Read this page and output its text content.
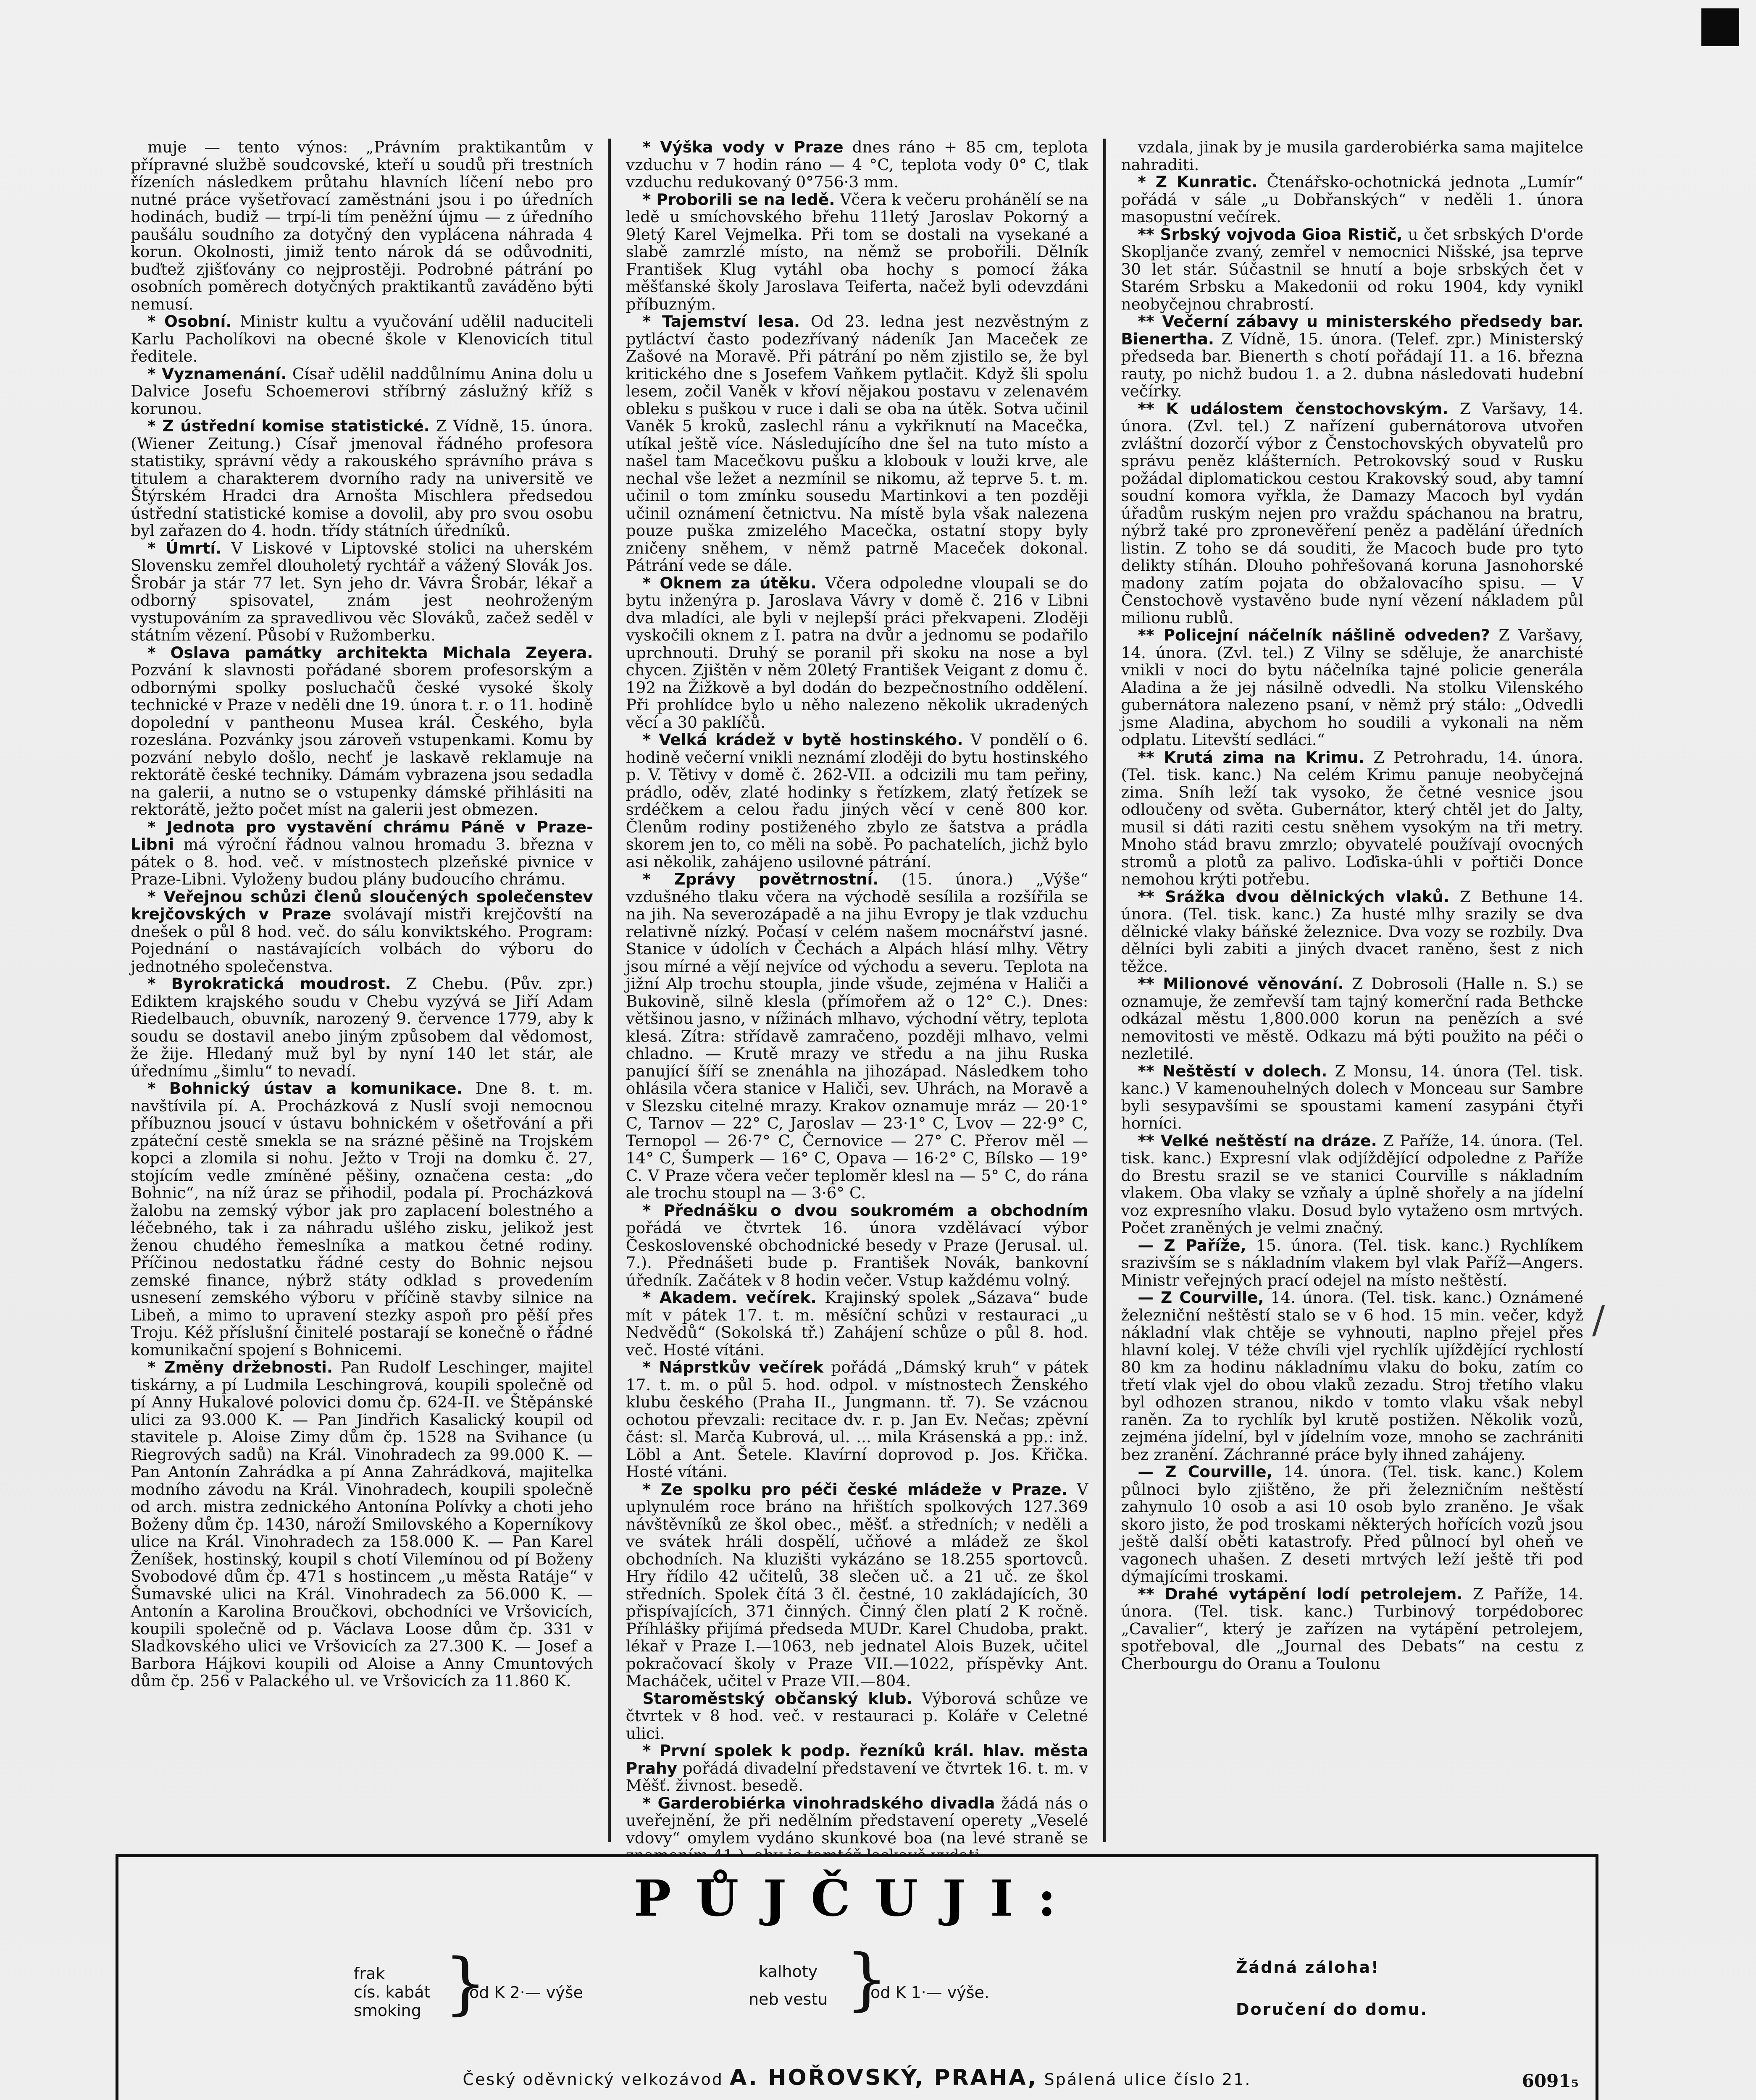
muje — tento výnos: „Právním praktikantům v přípravné službě soudcovské, kteří u soudů při trestních řízeních následkem průtahu hlavních líčení nebo pro nutné práce vyšetřovací zaměstnáni jsou i po úředních hodinách, budiž — trpí-li tím peněžní újmu — z úředního paušálu soudního za dotyčný den vyplácena náhrada 4 korun. Okolnosti, jimiž tento nárok dá se odůvodniti, buďtež zjišťovány co nejprostěji. Podrobné pátrání po osobních poměrech dotyčných praktikantů zaváděno býti nemusí.

* Osobní. Ministr kultu a vyučování udělil naduciteli Karlu Pacholíkovi na obecné škole v Klenovicích titul ředitele.

* Vyznamenání. Císař udělil naddůlnímu Anina dolu u Dalvice Josefu Schoemerovi stříbrný záslužný kříž s korunou.

* Z ústřední komise statistické. Z Vídně, 15. února. (Wiener Zeitung.) Císař jmenoval řádného profesora statistiky, správní vědy a rakouského správního práva s titulem a charakterem dvorního rady na universitě ve Štýrském Hradci dra Arnošta Mischlera předsedou ústřední statistické komise a dovolil, aby pro svou osobu byl zařazen do 4. hodn. třídy státních úředníků.

* Úmrtí. V Liskové v Liptovské stolici na uherském Slovensku zemřel dlouholetý rychtář a vážený Slovák Jos. Šrobár ja stár 77 let. Syn jeho dr. Vávra Šrobár, lékař a odborný spisovatel, znám jest neohroženým vystupováním za spravedlivou věc Slováků, začež seděl v státním vězení. Působí v Ružomberku.

* Oslava památky architekta Michala Zeyera. Pozvání k slavnosti pořádané sborem profesorským a odbornými spolky posluchačů české vysoké školy technické v Praze v neděli dne 19. února t. r. o 11. hodině dopolední v pantheonu Musea král. Českého, byla rozeslána. Pozvánky jsou zároveň vstupenkami. Komu by pozvání nebylo došlo, nechť je laskavě reklamuje na rektorátě české techniky. Dámám vybrazena jsou sedadla na galerii, a nutno se o vstupenky dámské přihlásiti na rektorátě, ježto počet míst na galerii jest obmezen.

* Jednota pro vystavění chrámu Páně v Praze-Libni má výroční řádnou valnou hromadu 3. března v pátek o 8. hod. več. v místnostech plzeňské pivnice v Praze-Libni. Vyloženy budou plány budoucího chrámu.

* Veřejnou schůzi členů sloučených společenstev krejčovských v Praze svolávají mistři krejčovští na dnešek o půl 8 hod. več. do sálu konviktského. Program: Pojednání o nastávajících volbách do výboru do jednotného společenstva.

* Byrokratická moudrost. Z Chebu. (Pův. zpr.) Ediktem krajského soudu v Chebu vyzývá se Jiří Adam Riedelbauch, obuvník, narozený 9. července 1779, aby k soudu se dostavil anebo jiným způsobem dal vědomost, že žije. Hledaný muž byl by nyní 140 let stár, ale úřednímu „šimlu“ to nevadí.

* Bohnický ústav a komunikace. Dne 8. t. m. navštívila pí. A. Procházková z Nuslí svoji nemocnou příbuznou jsoucí v ústavu bohnickém v ošetřování a při zpáteční cestě smekla se na srázné pěšině na Trojském kopci a zlomila si nohu. Ježto v Troji na domku č. 27, stojícím vedle zmíněné pěšiny, označena cesta: „do Bohnic“, na níž úraz se přihodil, podala pí. Procházková žalobu na zemský výbor jak pro zaplacení bolestného a léčebného, tak i za náhradu ušlého zisku, jelikož jest ženou chudého řemeslníka a matkou četné rodiny. Příčinou nedostatku řádné cesty do Bohnic nejsou zemské finance, nýbrž státy odklad s provedením usnesení zemského výboru v příčině stavby silnice na Libeň, a mimo to upravení stezky aspoň pro pěší přes Troju. Kéž příslušní činitelé postarají se konečně o řádné komunikační spojení s Bohnicemi.

* Změny držebnosti. Pan Rudolf Leschinger, majitel tiskárny, a pí Ludmila Leschingrová, koupili společně od pí Anny Hukalové polovici domu čp. 624-II. ve Štěpánské ulici za 93.000 K. — Pan Jindřich Kasalický koupil od stavitele p. Aloise Zimy dům čp. 1528 na Svihance (u Riegrových sadů) na Král. Vinohradech za 99.000 K. — Pan Antonín Zahrádka a pí Anna Zahrádková, majitelka modního závodu na Král. Vinohradech, koupili společně od arch. mistra zednického Antonína Polívky a choti jeho Boženy dům čp. 1430, nároží Smilovského a Koperníkovy ulice na Král. Vinohradech za 158.000 K. — Pan Karel Ženíšek, hostinský, koupil s chotí Vilemínou od pí Boženy Svobodové dům čp. 471 s hostincem „u města Ratáje“ v Šumavské ulici na Král. Vinohradech za 56.000 K. — Antonín a Karolina Broučkovi, obchodníci ve Vršovicích, koupili společně od p. Václava Loose dům čp. 331 v Sladkovského ulici ve Vršovicích za 27.300 K. — Josef a Barbora Hájkovi koupili od Aloise a Anny Cmuntových dům čp. 256 v Palackého ul. ve Vršovicích za 11.860 K.

* Výška vody v Praze dnes ráno + 85 cm, teplota vzduchu v 7 hodin ráno — 4 °C, teplota vody 0° C, tlak vzduchu redukovaný 0°756·3 mm.

* Proborili se na ledě. Včera k večeru prohánělí se na ledě u smíchovského břehu 11letý Jaroslav Pokorný a 9letý Karel Vejmelka. Při tom se dostali na vysekané a slabě zamrzlé místo, na němž se probořili. Dělník František Klug vytáhl oba hochy s pomocí žáka měšťanské školy Jaroslava Teiferta, načež byli odevzdáni příbuzným.

* Tajemství lesa. Od 23. ledna jest nezvěstným z pytláctví často podezřívaný nádeník Jan Maceček ze Zašové na Moravě. Při pátrání po něm zjistilo se, že byl kritického dne s Josefem Vaňkem pytlačit. Když šli spolu lesem, zočil Vaněk v křoví nějakou postavu v zelenavém obleku s puškou v ruce i dali se oba na útěk. Sotva učinil Vaněk 5 kroků, zaslechl ránu a vykřiknutí na Macečka, utíkal ještě více. Následujícího dne šel na tuto místo a našel tam Macečkovu pušku a klobouk v louži krve, ale nechal vše ležet a nezmínil se nikomu, až teprve 5. t. m. učinil o tom zmínku sousedu Martinkovi a ten později učinil oznámení četnictvu. Na místě byla však nalezena pouze puška zmizelého Macečka, ostatní stopy byly zničeny sněhem, v němž patrně Maceček dokonal. Pátrání vede se dále.

* Oknem za útěku. Včera odpoledne vloupali se do bytu inženýra p. Jaroslava Vávry v domě č. 216 v Libni dva mladíci, ale byli v nejlepší práci překvapeni. Zloději vyskočili oknem z I. patra na dvůr a jednomu se podařilo uprchnouti. Druhý se poranil při skoku na nose a byl chycen. Zjištěn v něm 20letý František Veigant z domu č. 192 na Žižkově a byl dodán do bezpečnostního oddělení. Při prohlídce bylo u něho nalezeno několik ukradených věcí a 30 paklíčů.

* Velká krádež v bytě hostinského. V pondělí o 6. hodině večerní vnikli neznámí zloději do bytu hostinského p. V. Tětivy v domě č. 262-VII. a odcizili mu tam peřiny, prádlo, oděv, zlaté hodinky s řetízkem, zlatý řetízek se srdéčkem a celou řadu jiných věcí v ceně 800 kor. Členům rodiny postiženého zbylo ze šatstva a prádla skorem jen to, co měli na sobě. Po pachatelích, jichž bylo asi několik, zahájeno usilovné pátrání.

* Zprávy povětrnostní. (15. února.) „Výše“ vzdušného tlaku včera na východě sesílila a rozšířila se na jih. Na severozápadě a na jihu Evropy je tlak vzduchu relativně nízký. Počasí v celém našem mocnářství jasné. Stanice v údolích v Čechách a Alpách hlásí mlhy. Větry jsou mírné a vějí nejvíce od východu a severu. Teplota na jižní Alp trochu stoupla, jinde všude, zejména v Haliči a Bukovině, silně klesla (přímořem až o 12° C.). Dnes: většinou jasno, v nížinách mlhavo, východní větry, teplota klesá. Zítra: střídavě zamračeno, později mlhavo, velmi chladno. — Krutě mrazy ve středu a na jihu Ruska panující šíří se znenáhla na jihozápad. Následkem toho ohlásila včera stanice v Haliči, sev. Uhrách, na Moravě a v Slezsku citelné mrazy. Krakov oznamuje mráz — 20·1° C, Tarnov — 22° C, Jaroslav — 23·1° C, Lvov — 22·9° C, Ternopol — 26·7° C, Černovice — 27° C. Přerov měl — 14° C, Šumperk — 16° C, Opava — 16·2° C, Bílsko — 19° C. V Praze včera večer teploměr klesl na — 5° C, do rána ale trochu stoupl na — 3·6° C.

* Přednášku o dvou soukromém a obchodním pořádá ve čtvrtek 16. února vzdělávací výbor Československé obchodnické besedy v Praze (Jerusal. ul. 7.). Přednášeti bude p. František Novák, bankovní úředník. Začátek v 8 hodin večer. Vstup každému volný.

* Akadem. večírek. Krajinský spolek „Sázava“ bude mít v pátek 17. t. m. měsíční schůzi v restauraci „u Nedvědů“ (Sokolská tř.) Zahájení schůze o půl 8. hod. več. Hosté vítáni.

* Náprstkův večírek pořádá „Dámský kruh“ v pátek 17. t. m. o půl 5. hod. odpol. v místnostech Ženského klubu českého (Praha II., Jungmann. tř. 7). Se vzácnou ochotou převzali: recitace dv. r. p. Jan Ev. Nečas; zpěvní část: sl. Marča Kubrová, ul. ... mila Krásenská a pp.: inž. Löbl a Ant. Šetele. Klavírní doprovod p. Jos. Křička. Hosté vítáni.

* Ze spolku pro péči české mládeže v Praze. V uplynulém roce bráno na hřištích spolkových 127.369 návštěvníků ze škol obec., měšť. a středních; v neděli a ve svátek hráli dospělí, učňové a mládež ze škol obchodních. Na kluzišti vykázáno se 18.255 sportovců. Hry řídilo 42 učitelů, 38 slečen uč. a 21 uč. ze škol středních. Spolek čítá 3 čl. čestné, 10 zakládajících, 30 přispívajících, 371 činných. Činný člen platí 2 K ročně. Příhlášky přijímá předseda MUDr. Karel Chudoba, prakt. lékař v Praze I.—1063, neb jednatel Alois Buzek, učitel pokračovací školy v Praze VII.—1022, příspěvky Ant. Macháček, učitel v Praze VII.—804.

Staroměstský občanský klub. Výborová schůze ve čtvrtek v 8 hod. več. v restauraci p. Koláře v Celetné ulici.

* První spolek k podp. řezníků král. hlav. města Prahy pořádá divadelní představení ve čtvrtek 16. t. m. v Měšť. živnost. besedě.

* Garderobiérka vinohradského divadla žádá nás o uveřejnění, že při nedělním představení operety „Veselé vdovy“ omylem vydáno skunkové boa (na levé straně se

vzdala, jinak by je musila garderobiérka sama majitelce nahraditi.

* Z Kunratic. Čtenářsko-ochotnická jednota „Lumír“ pořádá v sále „u Dobřanských“ v neděli 1. února masopustní večírek.

** Srbský vojvoda Gioa Ristič, u čet srbských D'orde Skopljanče zvaný, zemřel v nemocnici Nišské, jsa teprve 30 let stár. Súčastnil se hnutí a boje srbských čet v Starém Srbsku a Makedonii od roku 1904, kdy vynikl neobyčejnou chrabrostí.

** Večerní zábavy u ministerského předsedy bar. Bienertha. Z Vídně, 15. února. (Telef. zpr.) Ministerský předseda bar. Bienerth s chotí pořádají 11. a 16. března rauty, po nichž budou 1. a 2. dubna následovati hudební večírky.

** K událostem čenstochovským. Z Varšavy, 14. února. (Zvl. tel.) Z nařízení gubernátorova utvořen zvláštní dozorčí výbor z Čenstochovských obyvatelů pro správu peněz klášterních. Petrokovský soud v Rusku požádal diplomatickou cestou Krakovský soud, aby tamní soudní komora vyřkla, že Damazy Macoch byl vydán úřadům ruským nejen pro vraždu spáchanou na bratru, nýbrž také pro zpronevěření peněz a padělání úředních listin. Z toho se dá souditi, že Macoch bude pro tyto delikty stíhán. Dlouho pohřešovaná koruna Jasnohorské madony zatím pojata do obžalovacího spisu. — V Čenstochově vystavěno bude nyní vězení nákladem půl milionu rublů.

** Policejní náčelník nášlině odveden? Z Varšavy, 14. února. (Zvl. tel.) Z Vilny se sděluje, že anarchisté vnikli v noci do bytu náčelníka tajné policie generála Aladina a že jej násilně odvedli. Na stolku Vilenského gubernátora nalezeno psaní, v němž prý stálo: „Odvedli jsme Aladina, abychom ho soudili a vykonali na něm odplatu. Litevští sedláci.“

** Krutá zima na Krimu. Z Petrohradu, 14. února. (Tel. tisk. kanc.) Na celém Krimu panuje neobyčejná zima. Sníh leží tak vysoko, že četné vesnice jsou odloučeny od světa. Gubernátor, který chtěl jet do Jalty, musil si dáti raziti cestu sněhem vysokým na tři metry. Mnoho stád bravu zmrzlo; obyvatelé používají ovocných stromů a plotů za palivo. Loďiska-úhli v pořtiči Donce nemohou krýti potřebu.

** Srážka dvou dělnických vlaků. Z Bethune 14. února. (Tel. tisk. kanc.) Za husté mlhy srazily se dva dělnické vlaky báňské železnice. Dva vozy se rozbily. Dva dělníci byli zabiti a jiných dvacet raněno, šest z nich těžce.

** Milionové věnování. Z Dobrosoli (Halle n. S.) se oznamuje, že zemřevší tam tajný komerční rada Bethcke odkázal městu 1,800.000 korun na penězích a své nemovitosti ve městě. Odkazu má býti použito na péči o nezletilé.

** Neštěstí v dolech. Z Monsu, 14. února (Tel. tisk. kanc.) V kamenouhelných dolech v Monceau sur Sambre byli sesypavšími se spoustami kamení zasypáni čtyři horníci.

** Velké neštěstí na dráze. Z Paříže, 14. února. (Tel. tisk. kanc.) Expresní vlak odjíždějící odpoledne z Paříže do Brestu srazil se ve stanici Courville s nákladním vlakem. Oba vlaky se vzňaly a úplně shořely a na jídelní voz expresního vlaku. Dosud bylo vytaženo osm mrtvých. Počet zraněných je velmi značný.

— Z Paříže, 15. února. (Tel. tisk. kanc.) Rychlíkem srazivším se s nákladním vlakem byl vlak Paříž—Angers. Ministr veřejných prací odejel na místo neštěstí.

— Z Courville, 14. února. (Tel. tisk. kanc.) Oznámené železniční neštěstí stalo se v 6 hod. 15 min. večer, když nákladní vlak chtěje se vyhnouti, naplno přejel přes hlavní kolej. V téže chvíli vjel rychlík ujíždějící rychlostí 80 km za hodinu nákladnímu vlaku do boku, zatím co třetí vlak vjel do obou vlaků zezadu. Stroj třetího vlaku byl odhozen stranou, nikdo v tomto vlaku však nebyl raněn. Za to rychlík byl krutě postižen. Několik vozů, zejména jídelní, byl v jídelním voze, mnoho se zachrániti bez zranění. Záchranné práce byly ihned zahájeny.

— Z Courville, 14. února. (Tel. tisk. kanc.) Kolem půlnoci bylo zjištěno, že při železničním neštěstí zahynulo 10 osob a asi 10 osob bylo zraněno. Je však skoro jisto, že pod troskami některých hořících vozů jsou ještě další oběti katastrofy. Před půlnocí byl oheň ve vagonech uhašen. Z deseti mrtvých leží ještě tři pod dýmajícími troskami.

** Drahé vytápění lodí petrolejem. Z Paříže, 14. února. (Tel. tisk. kanc.) Turbinový torpédoborec „Cavalier“, který je zařízen na vytápění petrolejem, spotřeboval, dle „Journal des Debats“ na cestu z Cherbourgu do Oranu a Toulonu

PŮJČUJI:
frak
cís. kabát
smoking }
od K 2·— výše
kalhoty
neb vestu }
od K 1·— výše.
Žádná záloha!
Doručení do domu.
Český oděvnický velkozávod A. HOŘOVSKÝ, PRAHA, Spálená ulice číslo 21.	6091₅
/
